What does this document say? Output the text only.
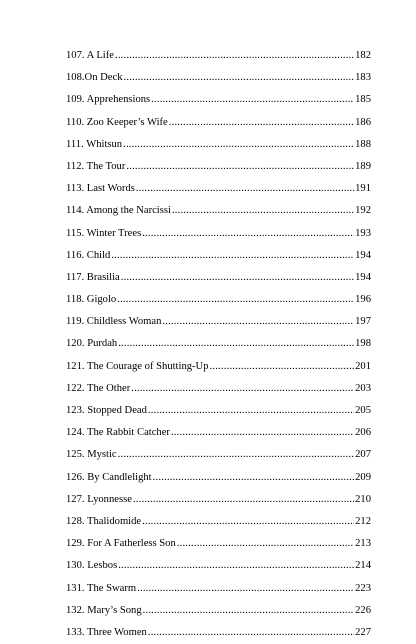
107. A Life .....	182
108.On Deck .....	183
109. Apprehensions .....	185
110. Zoo Keeper’s Wife .....	186
111. Whitsun .....	188
112. The Tour .....	189
113. Last Words .....	191
114. Among the Narcissi .....	192
115. Winter Trees .....	193
116. Child .....	194
117. Brasilia .....	194
118. Gigolo .....	196
119. Childless Woman .....	197
120. Purdah .....	198
121. The Courage of Shutting-Up .....	201
122. The Other .....	203
123. Stopped Dead .....	205
124. The Rabbit Catcher .....	206
125. Mystic .....	207
126. By Candlelight .....	209
127. Lyonnesse .....	210
128. Thalidomide .....	212
129. For A Fatherless Son .....	213
130. Lesbos .....	214
131. The Swarm .....	223
132. Mary’s Song .....	226
133. Three Women .....	227
